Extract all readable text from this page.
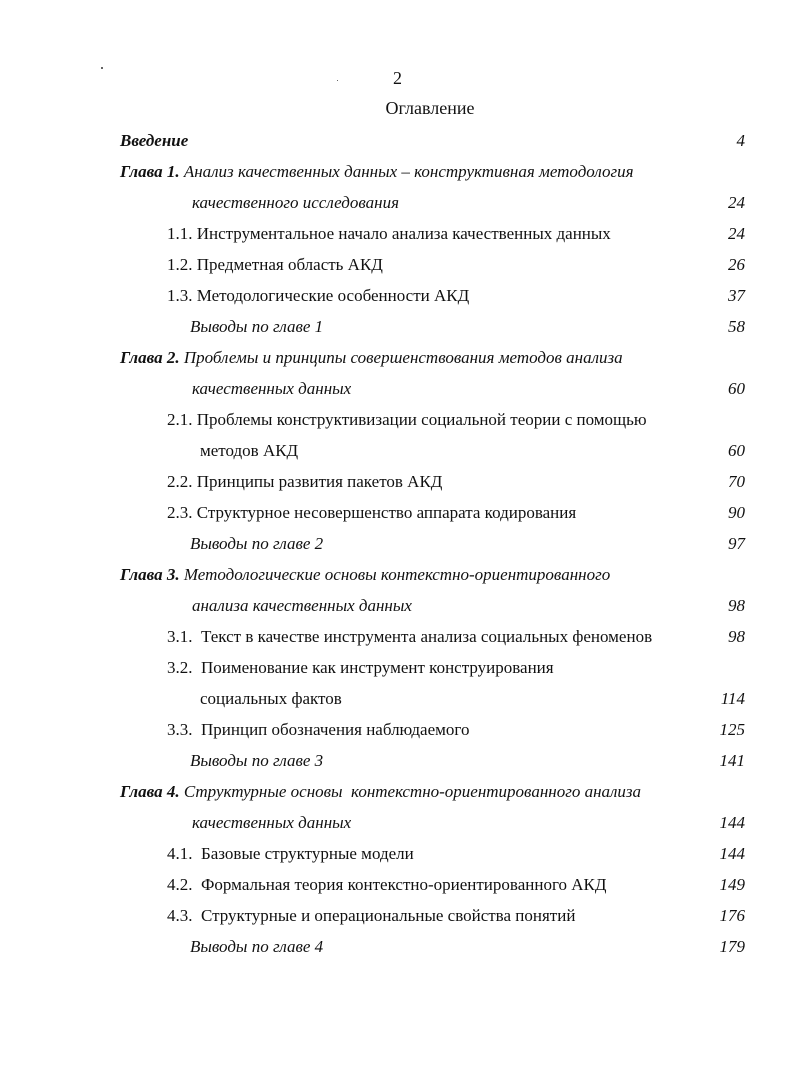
2
Оглавление
Введение	4
Глава 1. Анализ качественных данных – конструктивная методология
качественного исследования	24
1.1. Инструментальное начало анализа качественных данных	24
1.2. Предметная область АКД	26
1.3. Методологические особенности АКД	37
Выводы по главе 1	58
Глава 2. Проблемы и принципы совершенствования методов анализа
качественных данных	60
2.1. Проблемы конструктивизации социальной теории с помощью
методов АКД	60
2.2. Принципы развития пакетов АКД	70
2.3. Структурное несовершенство аппарата кодирования	90
Выводы по главе 2	97
Глава 3. Методологические основы контекстно-ориентированного
анализа качественных данных	98
3.1.  Текст в качестве инструмента анализа социальных феноменов	98
3.2.  Поименование как инструмент конструирования
социальных фактов	114
3.3.  Принцип обозначения наблюдаемого	125
Выводы по главе 3	141
Глава 4. Структурные основы  контекстно-ориентированного анализа
качественных данных	144
4.1.  Базовые структурные модели	144
4.2.  Формальная теория контекстно-ориентированного АКД	149
4.3.  Структурные и операциональные свойства понятий	176
Выводы по главе 4	179
